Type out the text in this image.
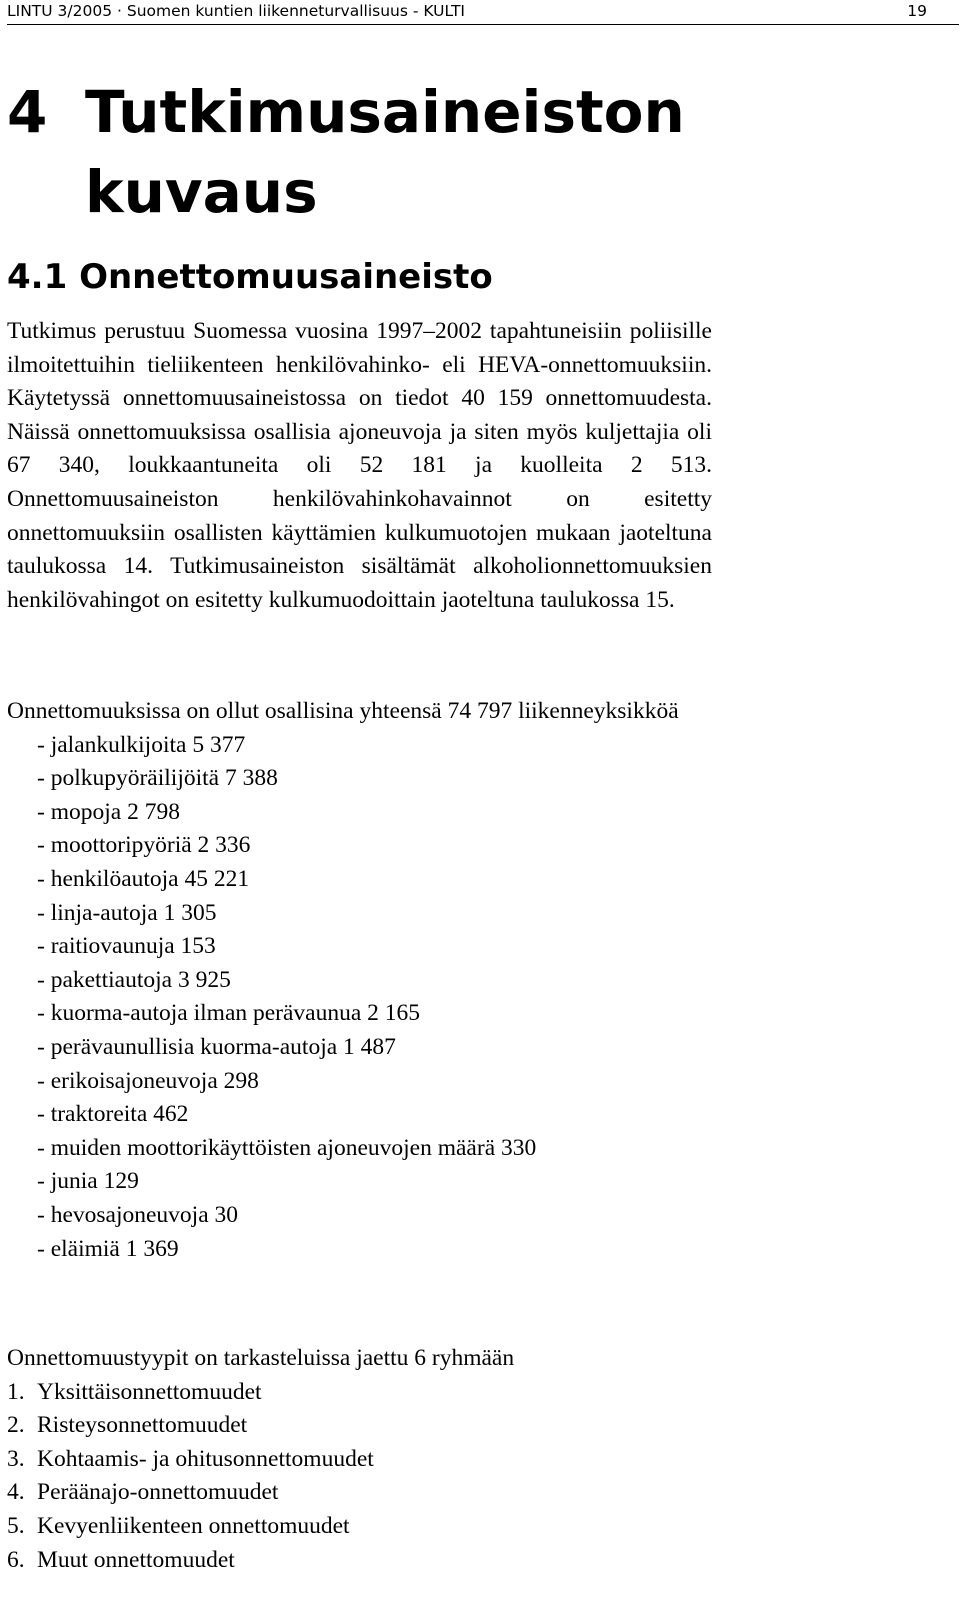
LINTU 3/2005 · Suomen kuntien liikenneturvallisuus - KULTI	19
4 Tutkimusaineiston
kuvaus
4.1 Onnettomuusaineisto

Tutkimus perustuu Suomessa vuosina 1997–2002 tapahtuneisiin poliisille ilmoitettuihin tieliikenteen henkilövahinko- eli HEVA-onnettomuuksiin. Käytetyssä onnettomuusaineistossa on tiedot 40 159 onnettomuudesta. Näissä onnettomuuksissa osallisia ajoneuvoja ja siten myös kuljettajia oli 67 340, loukkaantuneita oli 52 181 ja kuolleita 2 513. Onnettomuusaineiston henkilövahinkohavainnot on esitetty onnettomuuksiin osallisten käyttämien kulkumuotojen mukaan jaoteltuna taulukossa 14. Tutkimusaineiston sisältämät alkoholionnettomuuksien henkilövahingot on esitetty kulkumuodoittain jaoteltuna taulukossa 15.

Onnettomuuksissa on ollut osallisina yhteensä 74 797 liikenneyksikköä
- jalankulkijoita 5 377
- polkupyöräilijöitä 7 388
- mopoja 2 798
- moottoripyöriä 2 336
- henkilöautoja 45 221
- linja-autoja 1 305
- raitiovaunuja 153
- pakettiautoja 3 925
- kuorma-autoja ilman perävaunua 2 165
- perävaunullisia kuorma-autoja 1 487
- erikoisajoneuvoja 298
- traktoreita 462
- muiden moottorikäyttöisten ajoneuvojen määrä 330
- junia 129
- hevosajoneuvoja 30
- eläimiä 1 369
Onnettomuustyypit on tarkasteluissa jaettu 6 ryhmään
1. Yksittäisonnettomuudet
2. Risteysonnettomuudet
3. Kohtaamis- ja ohitusonnettomuudet
4. Peräänajo-onnettomuudet
5. Kevyenliikenteen onnettomuudet
6. Muut onnettomuudet
